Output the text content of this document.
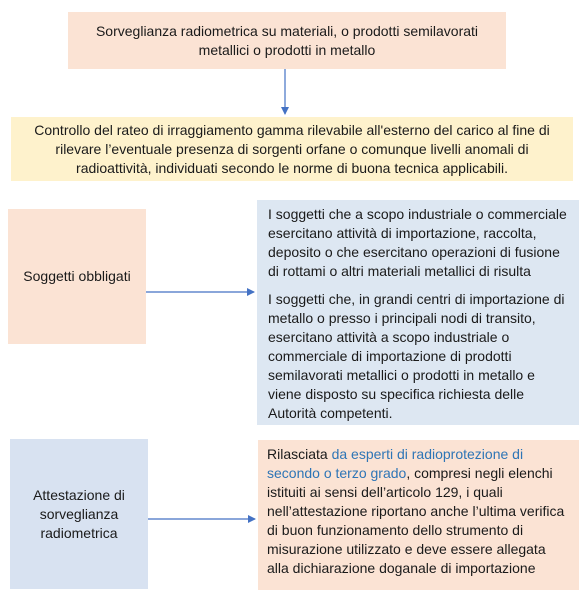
Sorveglianza radiometrica su materiali, o prodotti semilavorati metallici o prodotti in metallo
Controllo del rateo di irraggiamento gamma rilevabile all'esterno del carico al fine di rilevare l’eventuale presenza di sorgenti orfane o comunque livelli anomali di radioattività, individuati secondo le norme di buona tecnica applicabili.
Soggetti obbligati

I soggetti che a scopo industriale o commerciale esercitano attività di importazione, raccolta, deposito o che esercitano operazioni di fusione di rottami o altri materiali metallici di risulta

I soggetti che, in grandi centri di importazione di metallo o presso i principali nodi di transito, esercitano attività a scopo industriale o commerciale di importazione di prodotti semilavorati metallici o prodotti in metallo e viene disposto su specifica richiesta delle Autorità competenti.

Attestazione di sorveglianza radiometrica

Rilasciata da esperti di radioprotezione di secondo o terzo grado, compresi negli elenchi istituiti ai sensi dell’articolo 129, i quali nell’attestazione riportano anche l’ultima verifica di buon funzionamento dello strumento di misurazione utilizzato e deve essere allegata alla dichiarazione doganale di importazione
